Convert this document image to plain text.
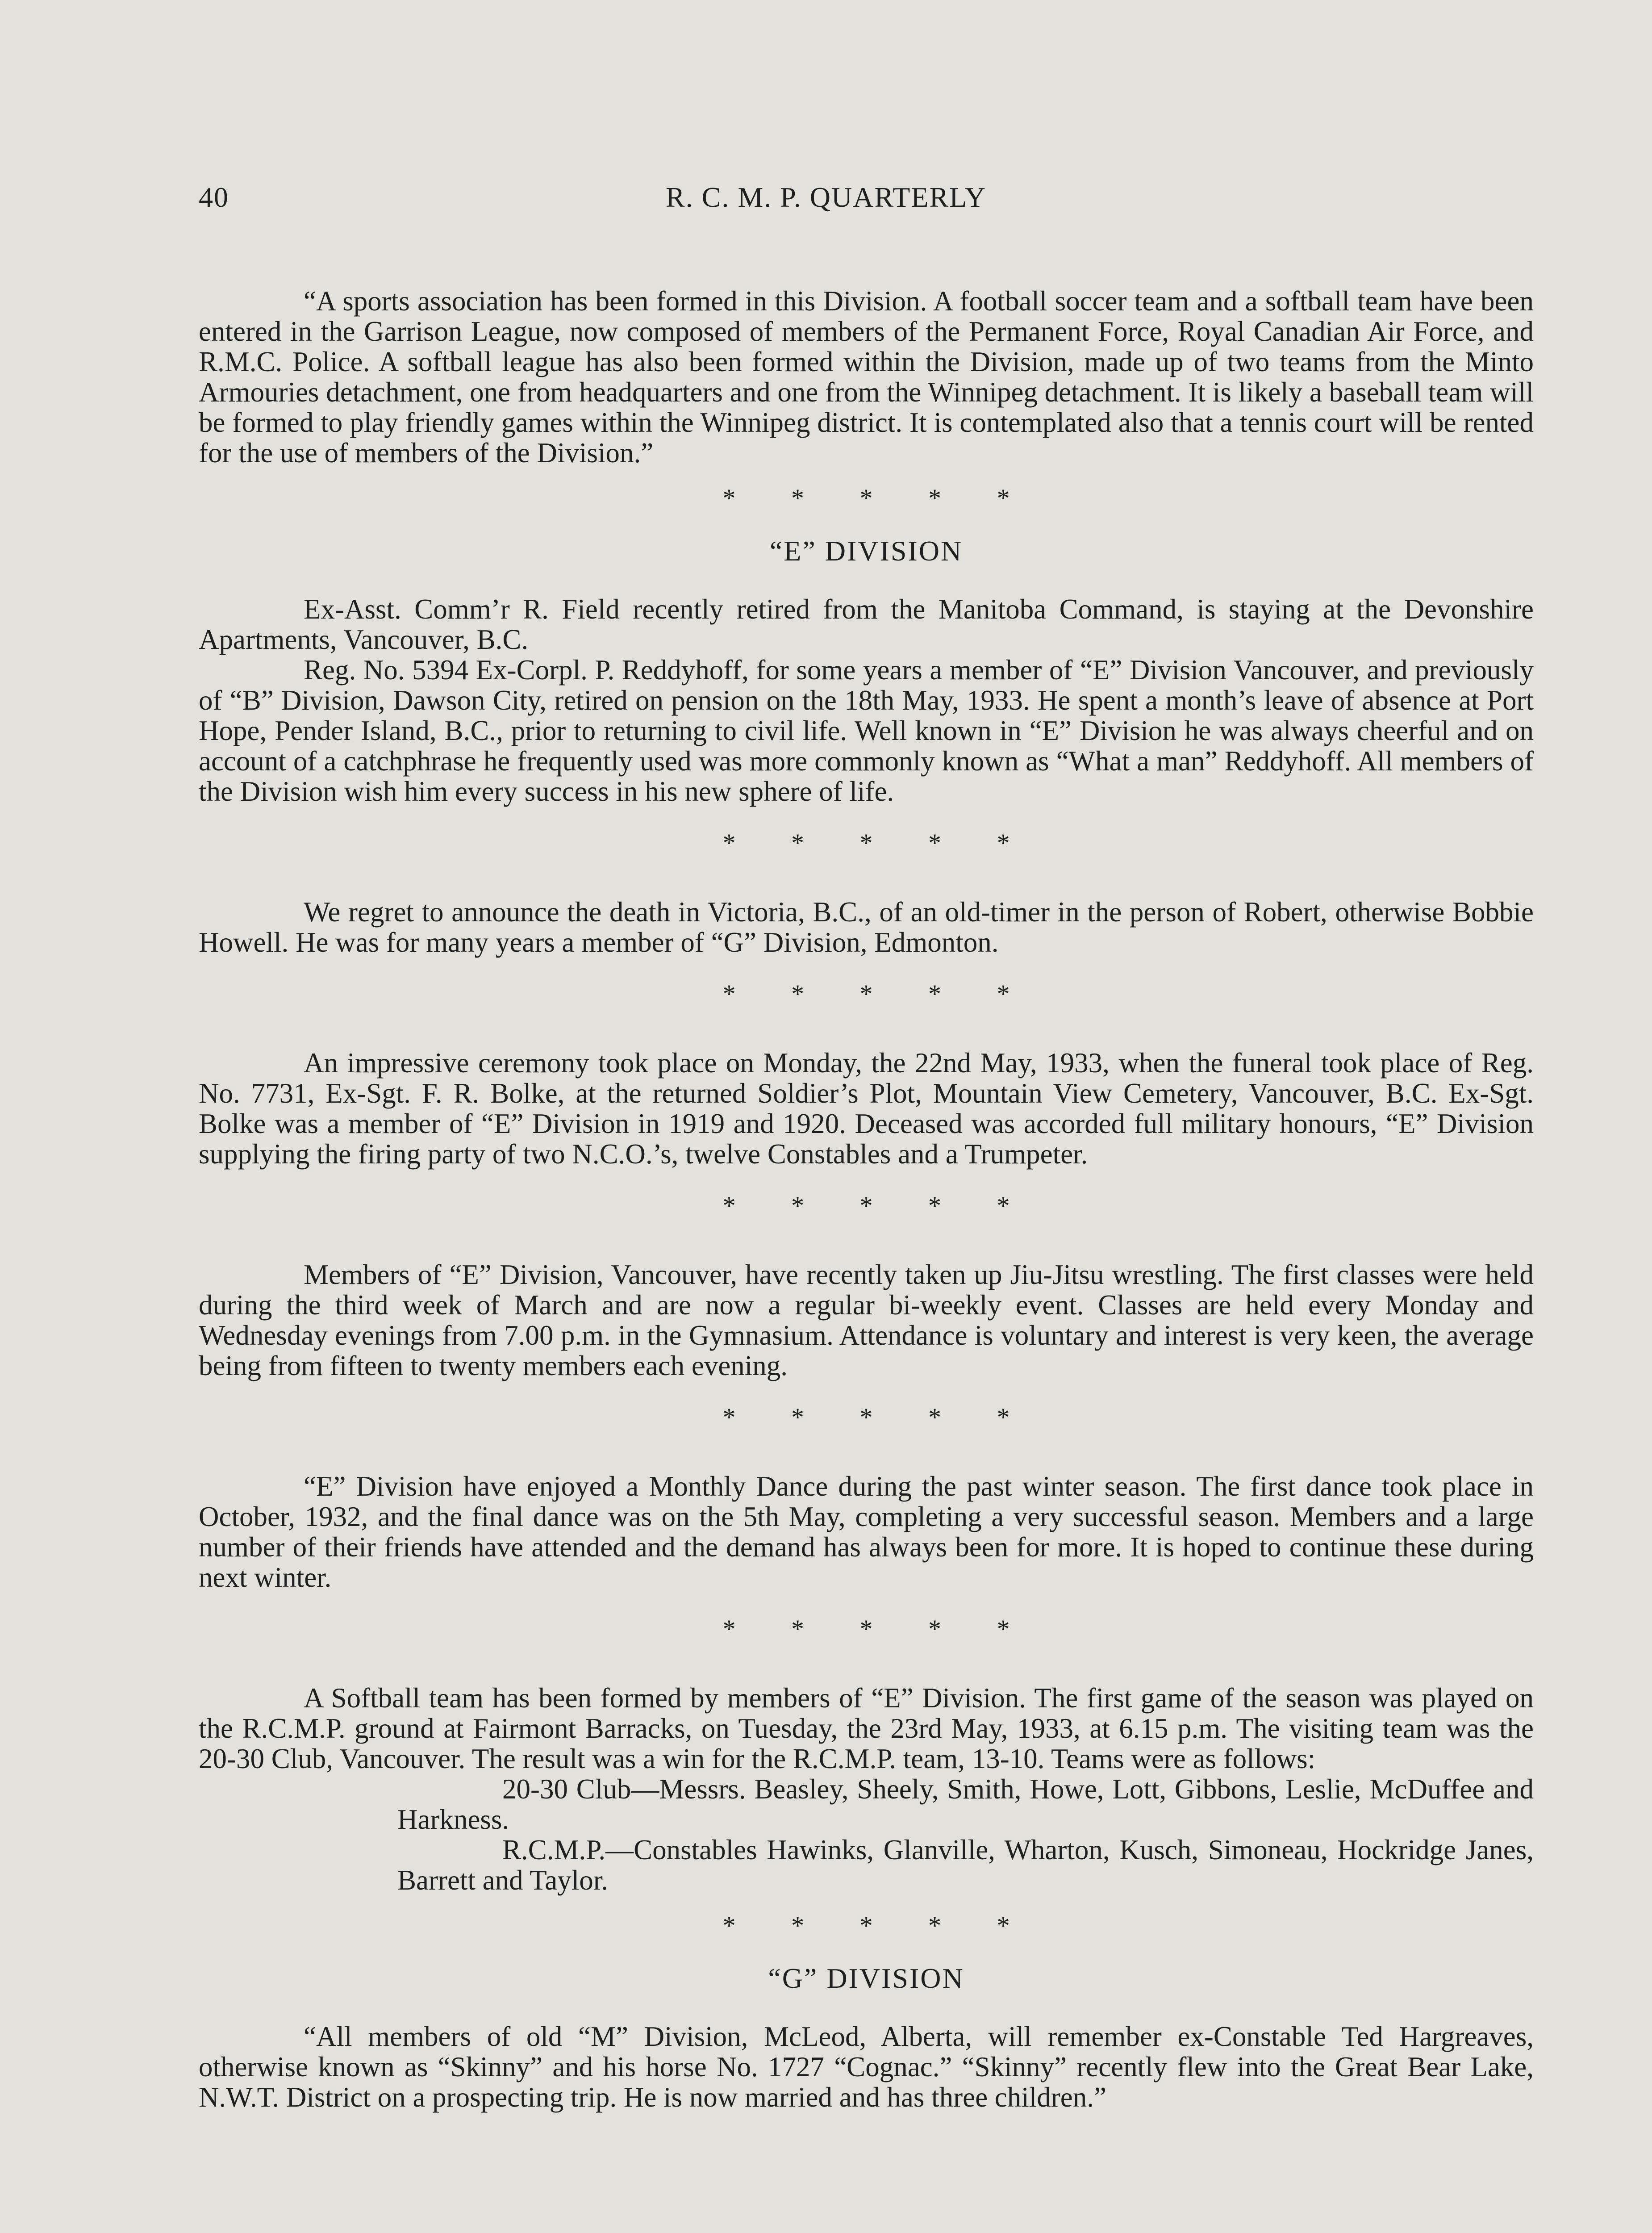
40	R. C. M. P. QUARTERLY

“A sports association has been formed in this Division. A football soccer team and a softball team have been entered in the Garrison League, now composed of members of the Permanent Force, Royal Canadian Air Force, and R.M.C. Police. A softball league has also been formed within the Division, made up of two teams from the Minto Armouries detachment, one from headquarters and one from the Winnipeg detachment. It is likely a baseball team will be formed to play friendly games within the Winnipeg district. It is contemplated also that a tennis court will be rented for the use of members of the Division.”

* * * * *
“E” DIVISION

Ex-Asst. Comm’r R. Field recently retired from the Manitoba Command, is staying at the Devonshire Apartments, Vancouver, B.C.

Reg. No. 5394 Ex-Corpl. P. Reddyhoff, for some years a member of “E” Division Vancouver, and previously of “B” Division, Dawson City, retired on pension on the 18th May, 1933. He spent a month’s leave of absence at Port Hope, Pender Island, B.C., prior to returning to civil life. Well known in “E” Division he was always cheerful and on account of a catchphrase he frequently used was more commonly known as “What a man” Reddyhoff. All members of the Division wish him every success in his new sphere of life.

* * * * *

We regret to announce the death in Victoria, B.C., of an old-timer in the person of Robert, otherwise Bobbie Howell. He was for many years a member of “G” Division, Edmonton.

* * * * *

An impressive ceremony took place on Monday, the 22nd May, 1933, when the funeral took place of Reg. No. 7731, Ex-Sgt. F. R. Bolke, at the returned Soldier’s Plot, Mountain View Cemetery, Vancouver, B.C. Ex-Sgt. Bolke was a member of “E” Division in 1919 and 1920. Deceased was accorded full military honours, “E” Division supplying the firing party of two N.C.O.’s, twelve Constables and a Trumpeter.

* * * * *

Members of “E” Division, Vancouver, have recently taken up Jiu-Jitsu wrestling. The first classes were held during the third week of March and are now a regular bi-weekly event. Classes are held every Monday and Wednesday evenings from 7.00 p.m. in the Gymnasium. Attendance is voluntary and interest is very keen, the average being from fifteen to twenty members each evening.

* * * * *

“E” Division have enjoyed a Monthly Dance during the past winter season. The first dance took place in October, 1932, and the final dance was on the 5th May, completing a very successful season. Members and a large number of their friends have attended and the demand has always been for more. It is hoped to continue these during next winter.

* * * * *

A Softball team has been formed by members of “E” Division. The first game of the season was played on the R.C.M.P. ground at Fairmont Barracks, on Tuesday, the 23rd May, 1933, at 6.15 p.m. The visiting team was the 20-30 Club, Vancouver. The result was a win for the R.C.M.P. team, 13-10. Teams were as follows:

20-30 Club—Messrs. Beasley, Sheely, Smith, Howe, Lott, Gibbons, Leslie, McDuffee and Harkness.

R.C.M.P.—Constables Hawinks, Glanville, Wharton, Kusch, Simoneau, Hockridge Janes, Barrett and Taylor.

* * * * *
“G” DIVISION

“All members of old “M” Division, McLeod, Alberta, will remember ex-Constable Ted Hargreaves, otherwise known as “Skinny” and his horse No. 1727 “Cognac.” “Skinny” recently flew into the Great Bear Lake, N.W.T. District on a prospecting trip. He is now married and has three children.”
